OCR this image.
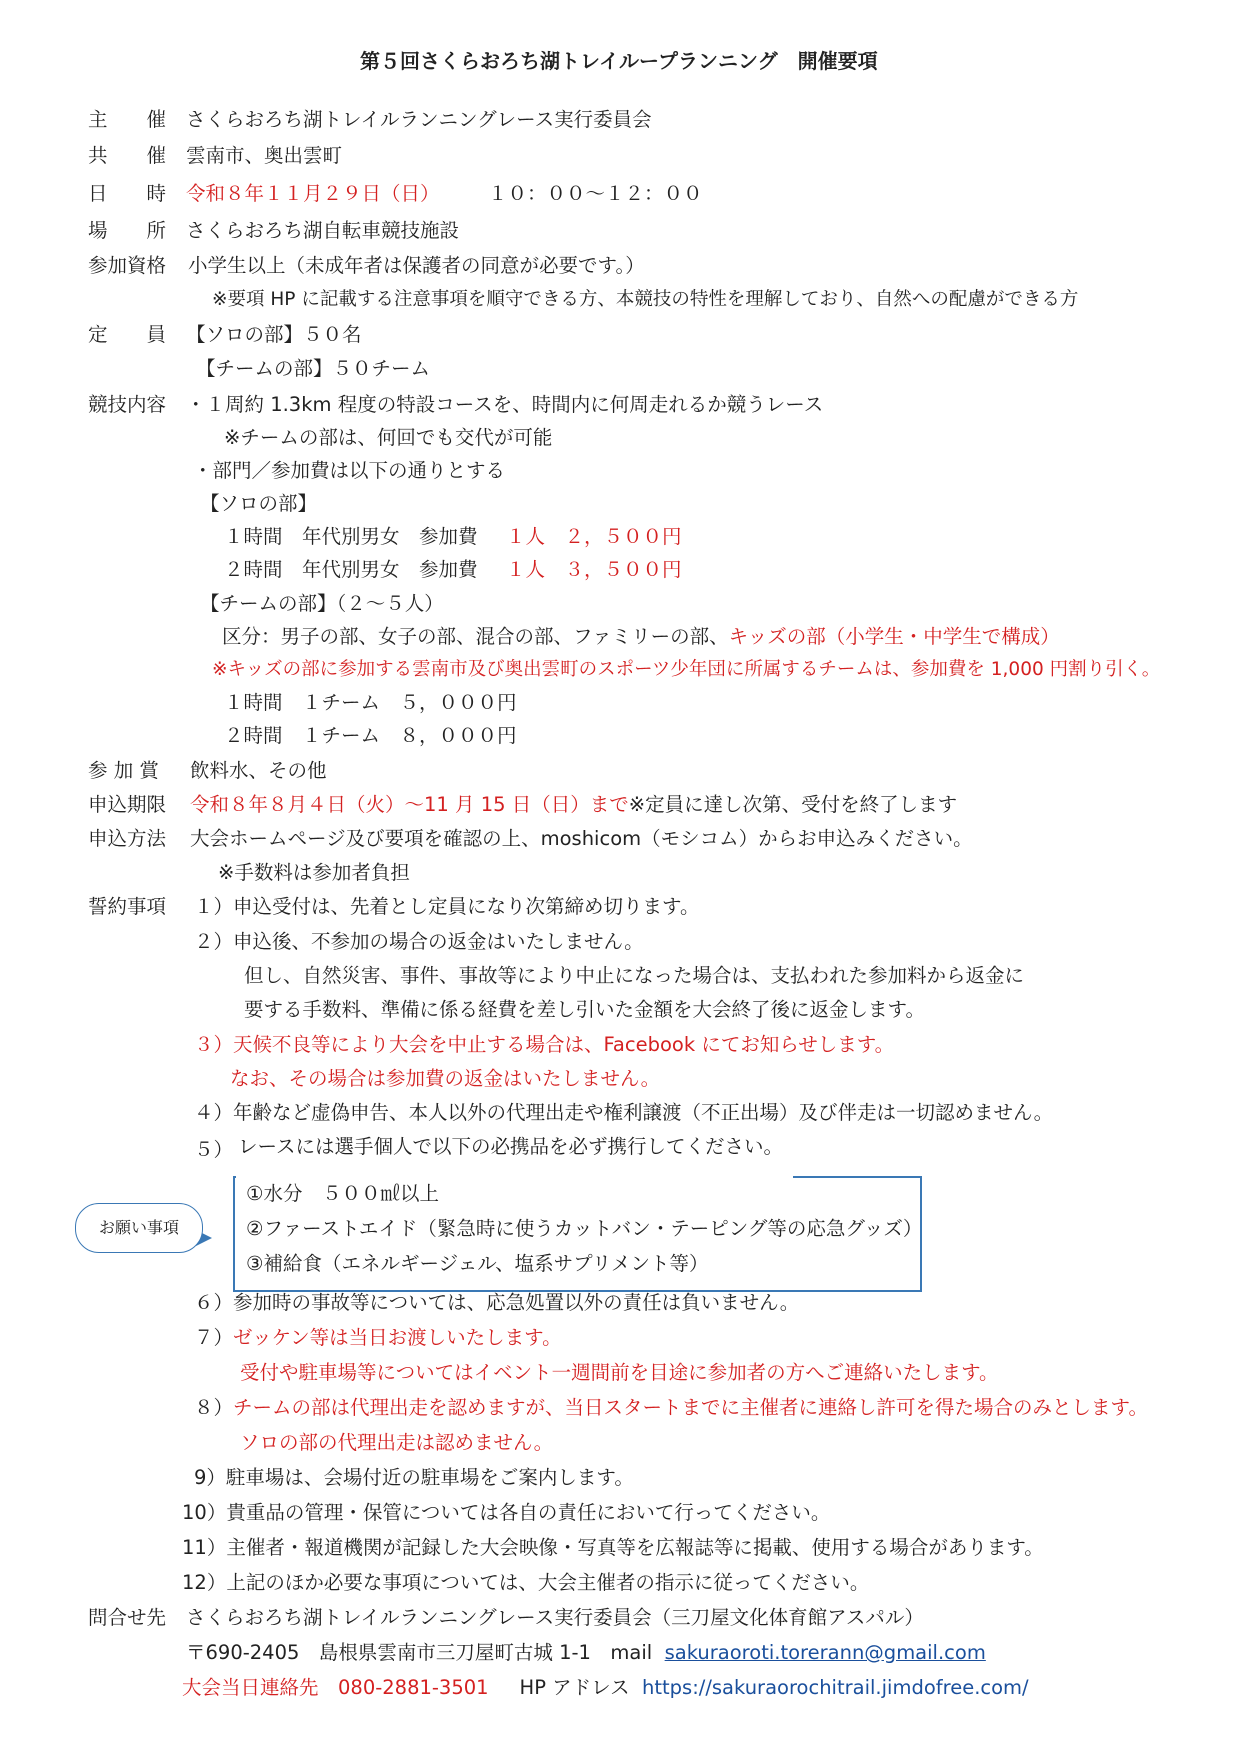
第５回さくらおろち湖トレイループランニング　開催要項
主　　催 さくらおろち湖トレイルランニングレース実行委員会
共　　催 雲南市、奥出雲町
日　　時 令和８年１１月２９日（日） １０：００～１２：００
場　　所 さくらおろち湖自転車競技施設
参加資格 小学生以上（未成年者は保護者の同意が必要です。）
※要項 HP に記載する注意事項を順守できる方、本競技の特性を理解しており、自然への配慮ができる方
定　　員 【ソロの部】５０名
【チームの部】５０チーム
競技内容 ・１周約 1.3km 程度の特設コースを、時間内に何周走れるか競うレース
※チームの部は、何回でも交代が可能
・部門／参加費は以下の通りとする
【ソロの部】
１時間　年代別男女　参加費 １人　２，５００円
２時間　年代別男女　参加費 １人　３，５００円
【チームの部】（２～５人）
区分：男子の部、女子の部、混合の部、ファミリーの部、キッズの部（小学生・中学生で構成）
※キッズの部に参加する雲南市及び奥出雲町のスポーツ少年団に所属するチームは、参加費を 1,000 円割り引く。
１時間　１チーム　５，０００円
２時間　１チーム　８，０００円
参 加 賞 飲料水、その他
申込期限 令和８年８月４日（火）～11 月 15 日（日）まで※定員に達し次第、受付を終了します
申込方法 大会ホームページ及び要項を確認の上、moshicom（モシコム）からお申込みください。
※手数料は参加者負担
誓約事項 １）申込受付は、先着とし定員になり次第締め切ります。
２）申込後、不参加の場合の返金はいたしません。
但し、自然災害、事件、事故等により中止になった場合は、支払われた参加料から返金に
要する手数料、準備に係る経費を差し引いた金額を大会終了後に返金します。
３）天候不良等により大会を中止する場合は、Facebook にてお知らせします。
なお、その場合は参加費の返金はいたしません。
４）年齢など虚偽申告、本人以外の代理出走や権利譲渡（不正出場）及び伴走は一切認めません。
５） レースには選手個人で以下の必携品を必ず携行してください。
①水分　５００㎖以上
②ファーストエイド（緊急時に使うカットバン・テーピング等の応急グッズ）
③補給食（エネルギージェル、塩系サプリメント等）
お願い事項
６）参加時の事故等については、応急処置以外の責任は負いません。
７）ゼッケン等は当日お渡しいたします。
受付や駐車場等についてはイベント一週間前を目途に参加者の方へご連絡いたします。
８）チームの部は代理出走を認めますが、当日スタートまでに主催者に連絡し許可を得た場合のみとします。
ソロの部の代理出走は認めません。
9）駐車場は、会場付近の駐車場をご案内します。
10）貴重品の管理・保管については各自の責任において行ってください。
11）主催者・報道機関が記録した大会映像・写真等を広報誌等に掲載、使用する場合があります。
12）上記のほか必要な事項については、大会主催者の指示に従ってください。
問合せ先 さくらおろち湖トレイルランニングレース実行委員会（三刀屋文化体育館アスパル）
〒690-2405　島根県雲南市三刀屋町古城 1-1　mail sakuraoroti.torerann@gmail.com
大会当日連絡先　080-2881-3501 HP アドレス https://sakuraorochitrail.jimdofree.com/
